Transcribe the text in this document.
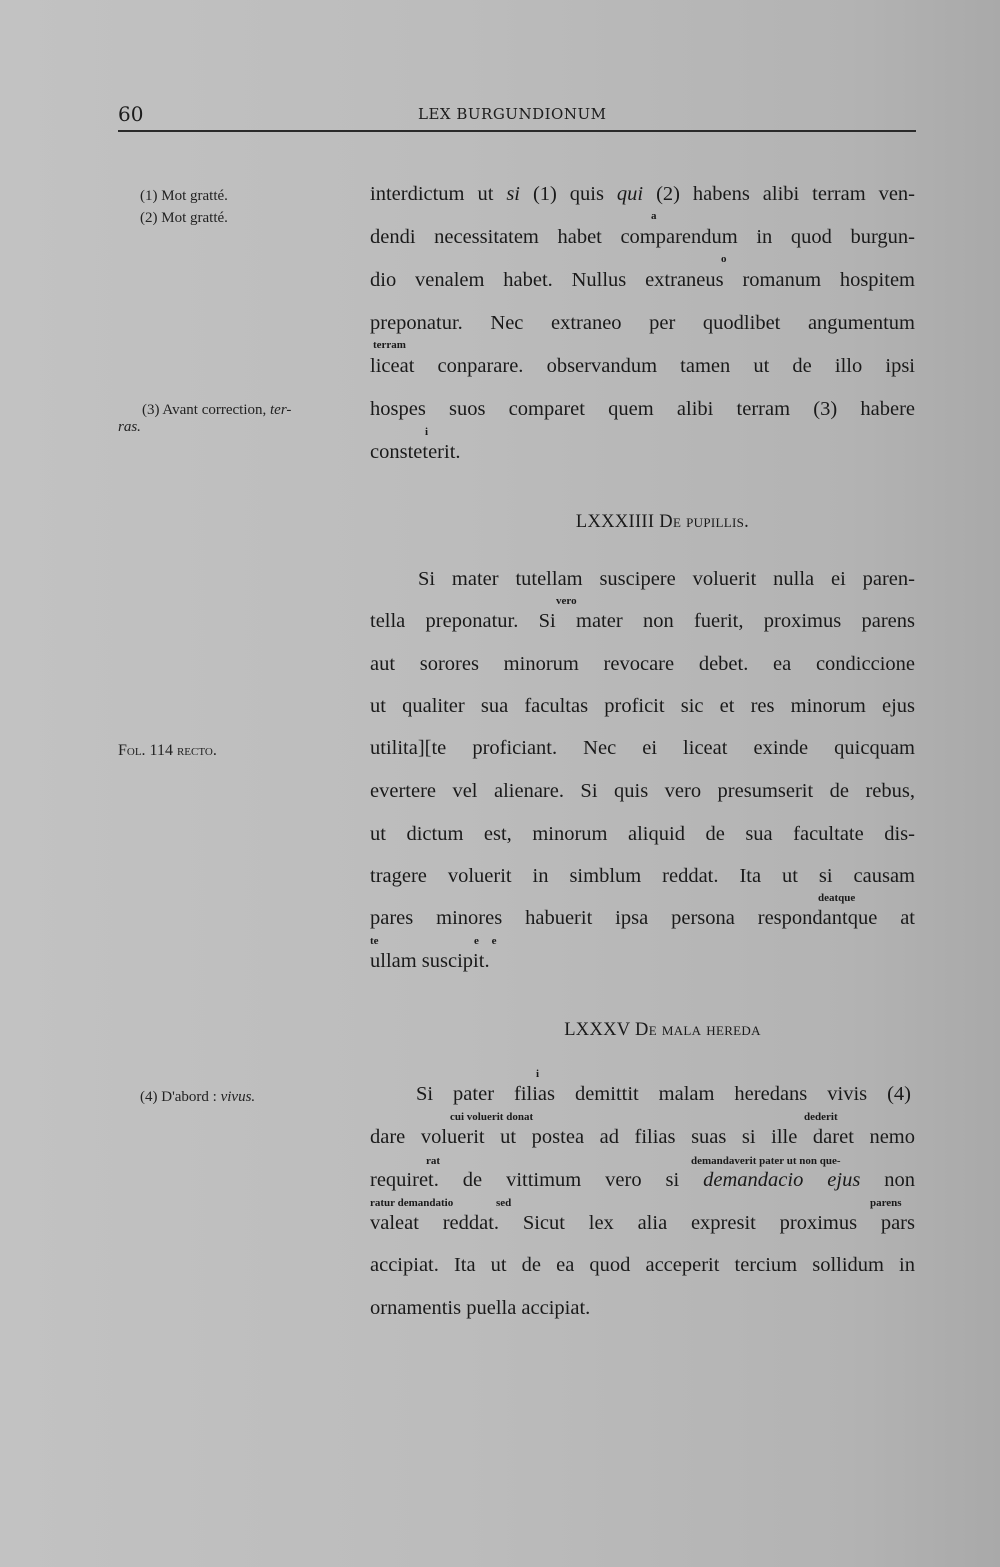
60	LEX BURGUNDIONUM
(1) Mot gratté.
(2) Mot gratté.
(3) Avant correction, ter-
ras.
Fol. 114 recto.
(4) D'abord : vivus.
interdictum ut si (1) quis qui (2) habens alibi terram ven-
a
dendi necessitatem habet comparendum in quod burgun-
o
dio venalem habet. Nullus extraneus romanum hospitem
preponatur. Nec extraneo per quodlibet angumentum
terram
liceat conparare. observandum tamen ut de illo ipsi
hospes suos comparet quem alibi terram (3) habere
i
consteterit.
LXXXIIII De pupillis.
Si mater tutellam suscipere voluerit nulla ei paren-
vero
tella preponatur. Si mater non fuerit, proximus parens
aut sorores minorum revocare debet. ea condiccione
ut qualiter sua facultas proficit sic et res minorum ejus
utilita][te proficiant. Nec ei liceat exinde quicquam
evertere vel alienare. Si quis vero presumserit de rebus,
ut dictum est, minorum aliquid de sua facultate dis-
tragere voluerit in simblum reddat. Ita ut si causam
deatque
pares minores habuerit ipsa persona respondantque at
te	e e
ullam suscipit.
LXXXV De mala hereda
i
Si pater filias demittit malam heredans vivis (4)
cui voluerit donat	dederit
dare voluerit ut postea ad filias suas si ille daret nemo
rat	demandaverit pater ut non que-
requiret. de vittimum vero si demandacio ejus non
ratur demandatio	sed	parens
valeat reddat. Sicut lex alia expresit proximus pars
accipiat. Ita ut de ea quod acceperit tercium sollidum in
ornamentis puella accipiat.
